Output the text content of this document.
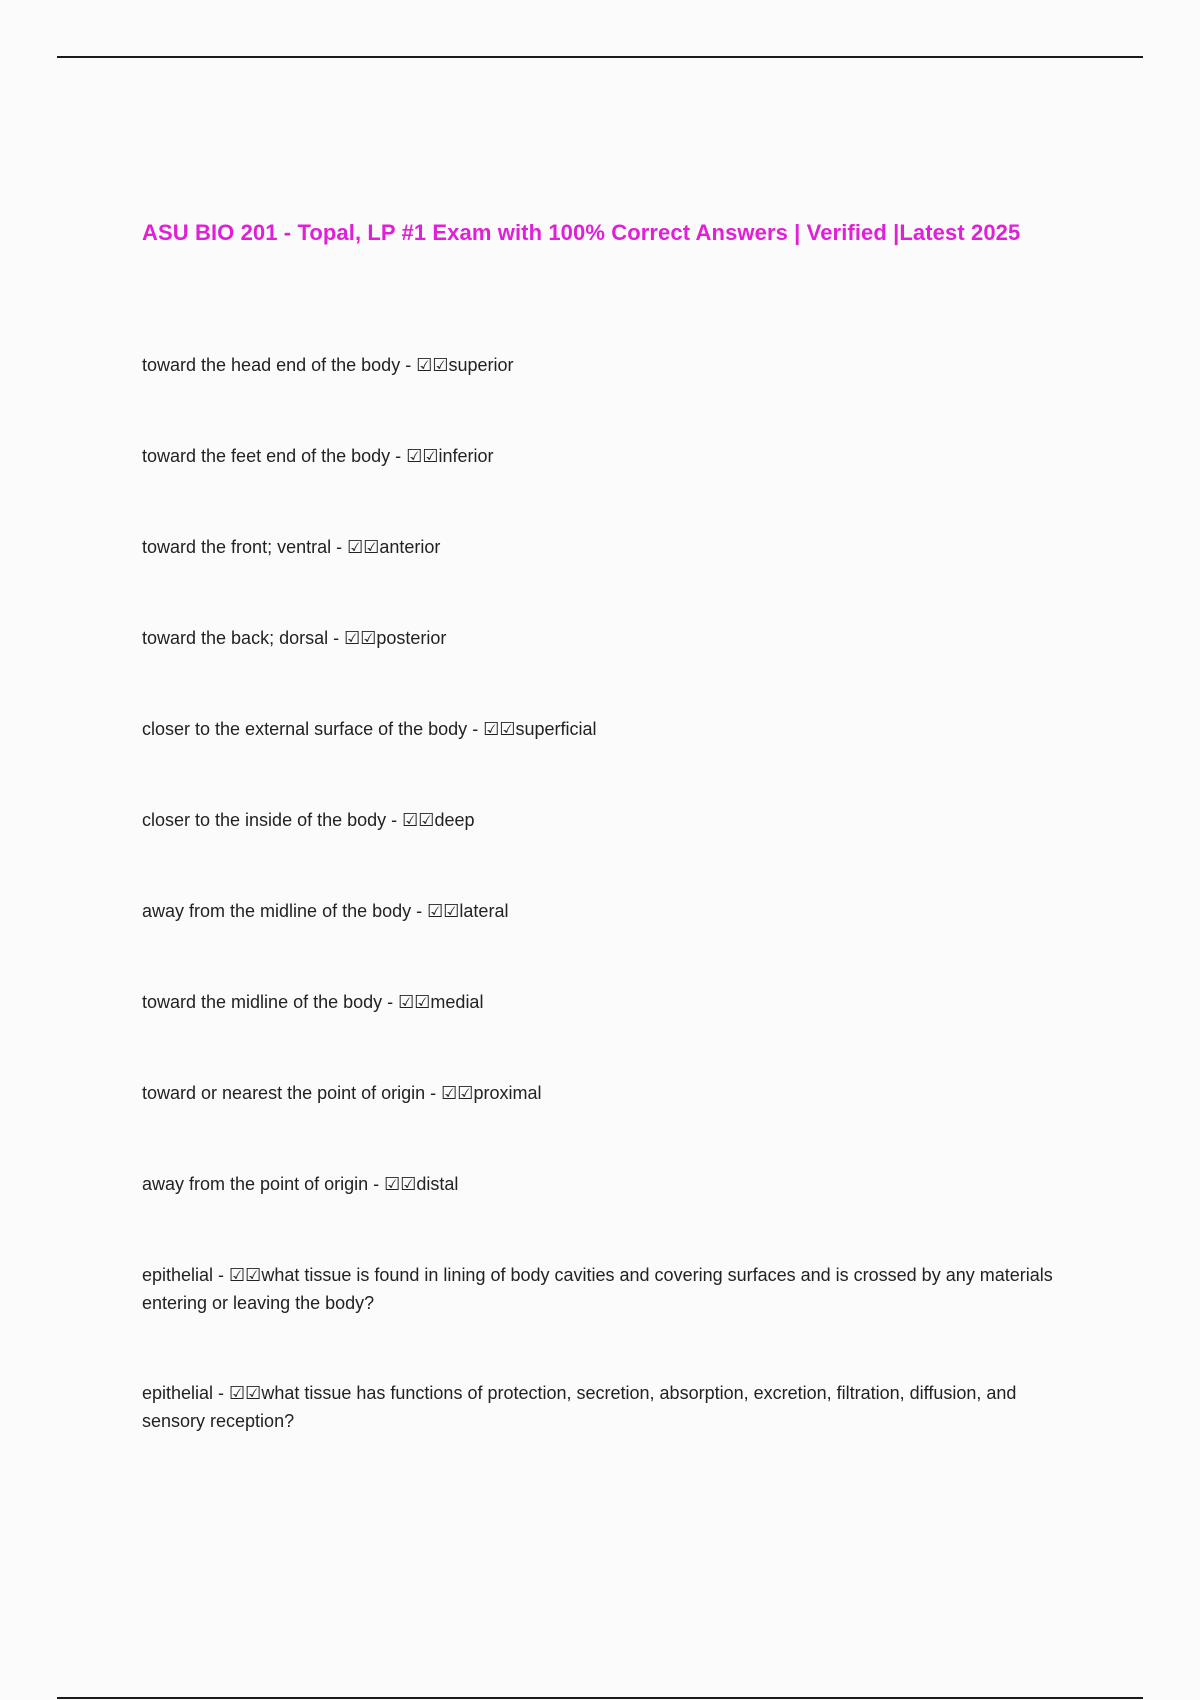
ASU BIO 201 - Topal, LP #1 Exam with 100% Correct Answers | Verified |Latest 2025
toward the head end of the body - ☑☑superior
toward the feet end of the body - ☑☑inferior
toward the front; ventral - ☑☑anterior
toward the back; dorsal - ☑☑posterior
closer to the external surface of the body - ☑☑superficial
closer to the inside of the body - ☑☑deep
away from the midline of the body - ☑☑lateral
toward the midline of the body - ☑☑medial
toward or nearest the point of origin - ☑☑proximal
away from the point of origin - ☑☑distal
epithelial - ☑☑what tissue is found in lining of body cavities and covering surfaces and is crossed by any materials entering or leaving the body?
epithelial - ☑☑what tissue has functions of protection, secretion, absorption, excretion, filtration, diffusion, and sensory reception?
